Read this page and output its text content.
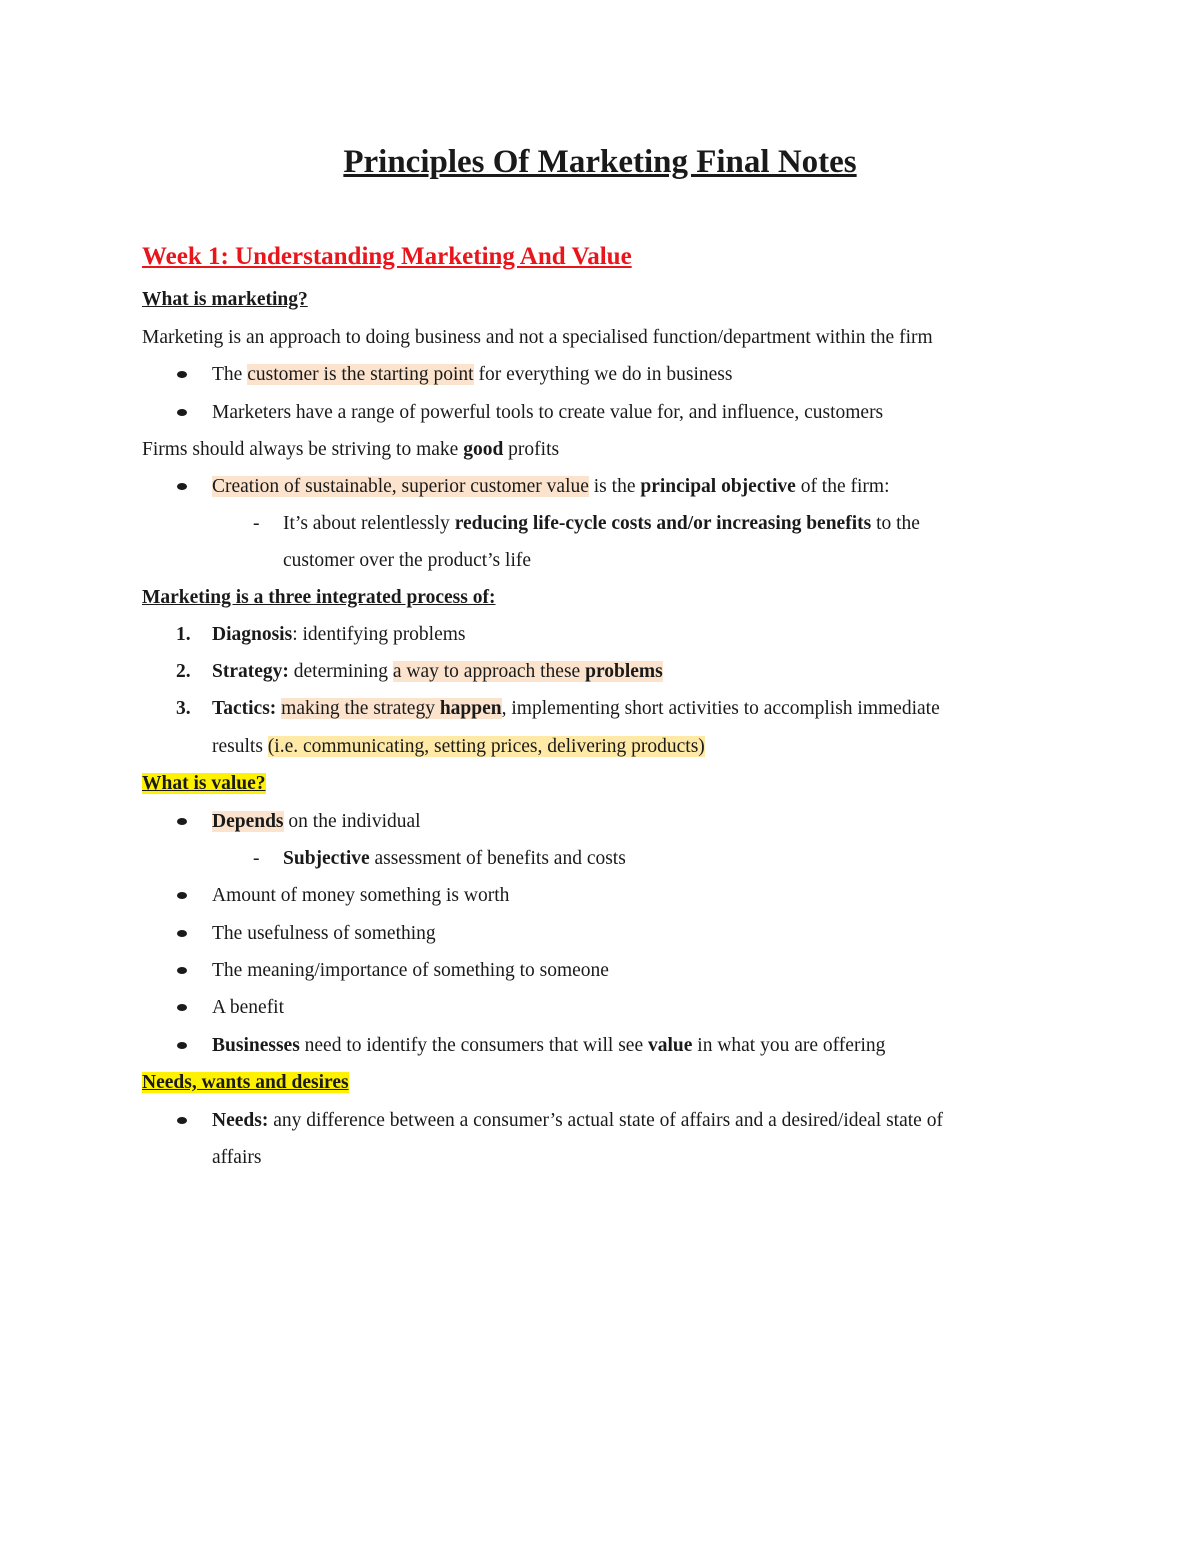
Principles Of Marketing Final Notes
Week 1: Understanding Marketing And Value
What is marketing?
Marketing is an approach to doing business and not a specialised function/department within the firm
The customer is the starting point for everything we do in business
Marketers have a range of powerful tools to create value for, and influence, customers
Firms should always be striving to make good profits
Creation of sustainable, superior customer value is the principal objective of the firm:
- It’s about relentlessly reducing life-cycle costs and/or increasing benefits to the
customer over the product’s life
Marketing is a three integrated process of:
1. Diagnosis: identifying problems
2. Strategy: determining a way to approach these problems
3. Tactics: making the strategy happen, implementing short activities to accomplish immediate
results (i.e. communicating, setting prices, delivering products)
What is value?
Depends on the individual
- Subjective assessment of benefits and costs
Amount of money something is worth
The usefulness of something
The meaning/importance of something to someone
A benefit
Businesses need to identify the consumers that will see value in what you are offering
Needs, wants and desires
Needs: any difference between a consumer’s actual state of affairs and a desired/ideal state of
affairs
